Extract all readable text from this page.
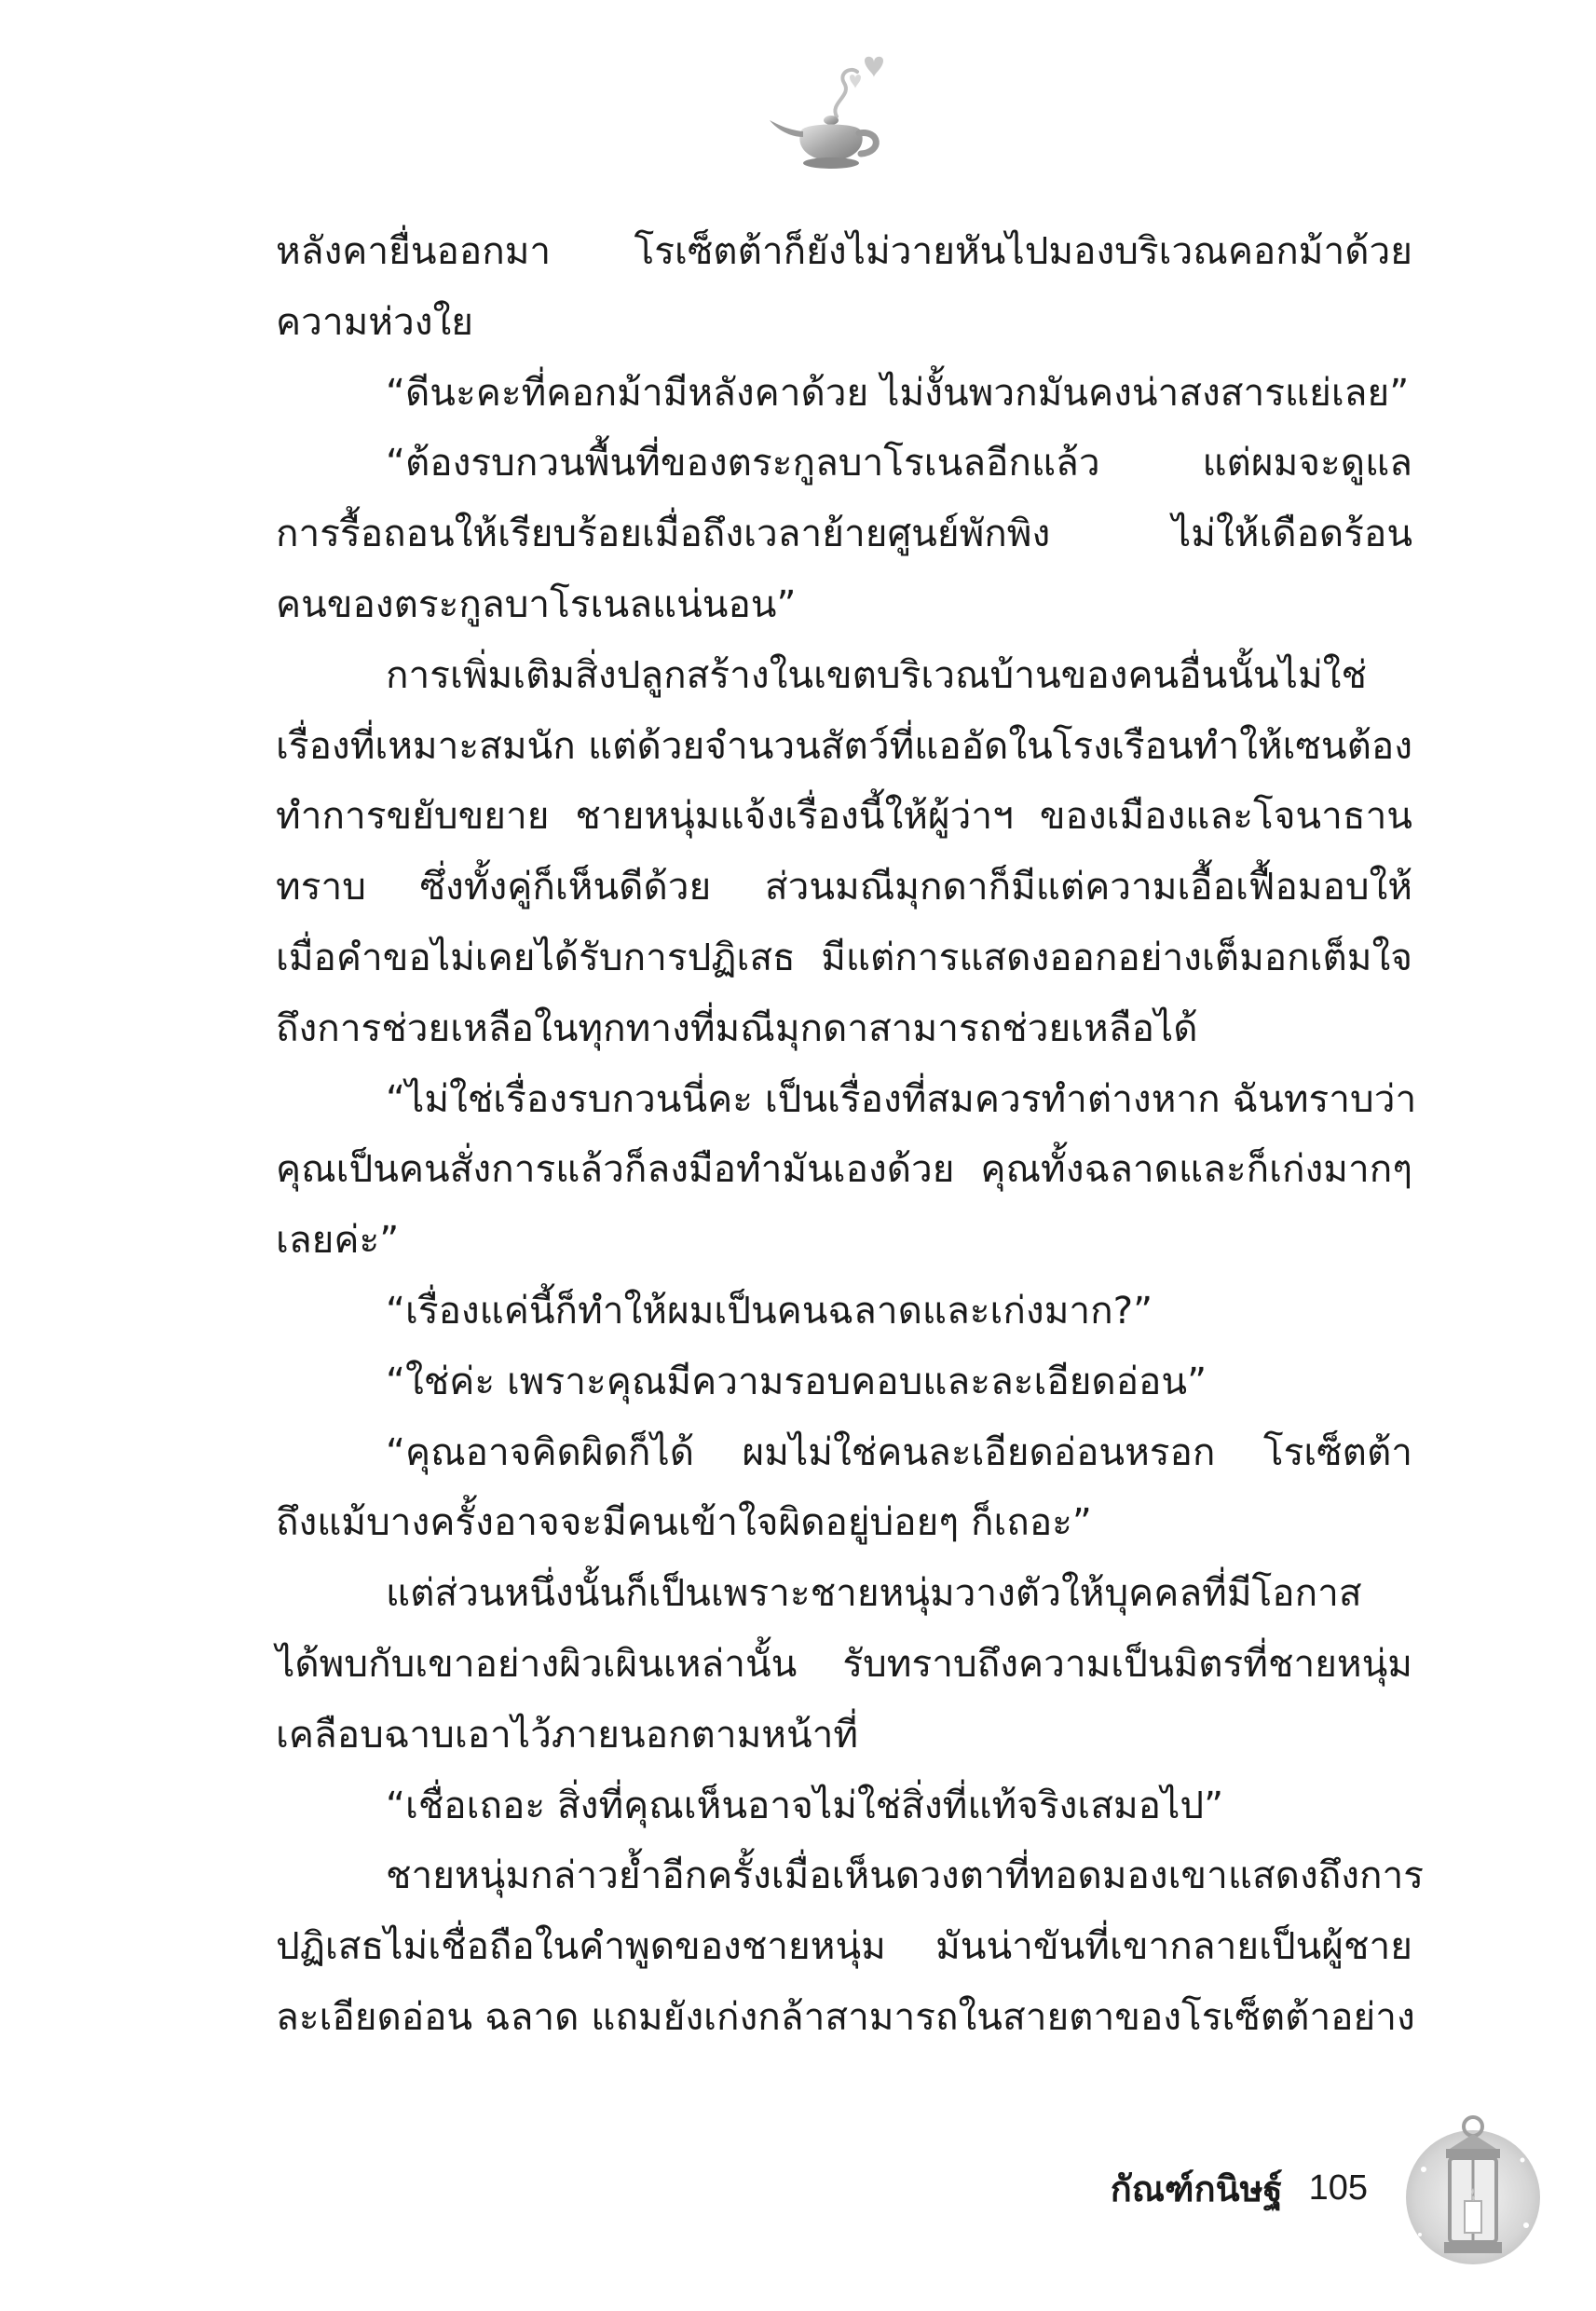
หลังคายื่นออกมา โรเซ็ตต้าก็ยังไม่วายหันไปมองบริเวณคอกม้าด้วย
ความห่วงใย
“ดีนะคะที่คอกม้ามีหลังคาด้วย ไม่งั้นพวกมันคงน่าสงสารแย่เลย”
“ต้องรบกวนพื้นที่ของตระกูลบาโรเนลอีกแล้ว แต่ผมจะดูแล
การรื้อถอนให้เรียบร้อยเมื่อถึงเวลาย้ายศูนย์พักพิง ไม่ให้เดือดร้อน
คนของตระกูลบาโรเนลแน่นอน”
การเพิ่มเติมสิ่งปลูกสร้างในเขตบริเวณบ้านของคนอื่นนั้นไม่ใช่
เรื่องที่เหมาะสมนัก แต่ด้วยจำนวนสัตว์ที่แออัดในโรงเรือนทำให้เซนต้อง
ทำการขยับขยาย ชายหนุ่มแจ้งเรื่องนี้ให้ผู้ว่าฯ ของเมืองและโจนาธาน
ทราบ ซึ่งทั้งคู่ก็เห็นดีด้วย ส่วนมณีมุกดาก็มีแต่ความเอื้อเฟื้อมอบให้
เมื่อคำขอไม่เคยได้รับการปฏิเสธ มีแต่การแสดงออกอย่างเต็มอกเต็มใจ
ถึงการช่วยเหลือในทุกทางที่มณีมุกดาสามารถช่วยเหลือได้
“ไม่ใช่เรื่องรบกวนนี่คะ เป็นเรื่องที่สมควรทำต่างหาก ฉันทราบว่า
คุณเป็นคนสั่งการแล้วก็ลงมือทำมันเองด้วย คุณทั้งฉลาดและก็เก่งมากๆ
เลยค่ะ”
“เรื่องแค่นี้ก็ทำให้ผมเป็นคนฉลาดและเก่งมาก?”
“ใช่ค่ะ เพราะคุณมีความรอบคอบและละเอียดอ่อน”
“คุณอาจคิดผิดก็ได้ ผมไม่ใช่คนละเอียดอ่อนหรอก โรเซ็ตต้า
ถึงแม้บางครั้งอาจจะมีคนเข้าใจผิดอยู่บ่อยๆ ก็เถอะ”
แต่ส่วนหนึ่งนั้นก็เป็นเพราะชายหนุ่มวางตัวให้บุคคลที่มีโอกาส
ได้พบกับเขาอย่างผิวเผินเหล่านั้น รับทราบถึงความเป็นมิตรที่ชายหนุ่ม
เคลือบฉาบเอาไว้ภายนอกตามหน้าที่
“เชื่อเถอะ สิ่งที่คุณเห็นอาจไม่ใช่สิ่งที่แท้จริงเสมอไป”
ชายหนุ่มกล่าวย้ำอีกครั้งเมื่อเห็นดวงตาที่ทอดมองเขาแสดงถึงการ
ปฏิเสธไม่เชื่อถือในคำพูดของชายหนุ่ม มันน่าขันที่เขากลายเป็นผู้ชาย
ละเอียดอ่อน ฉลาด แถมยังเก่งกล้าสามารถในสายตาของโรเซ็ตต้าอย่าง
กัณฑ์กนิษฐ์ 105
